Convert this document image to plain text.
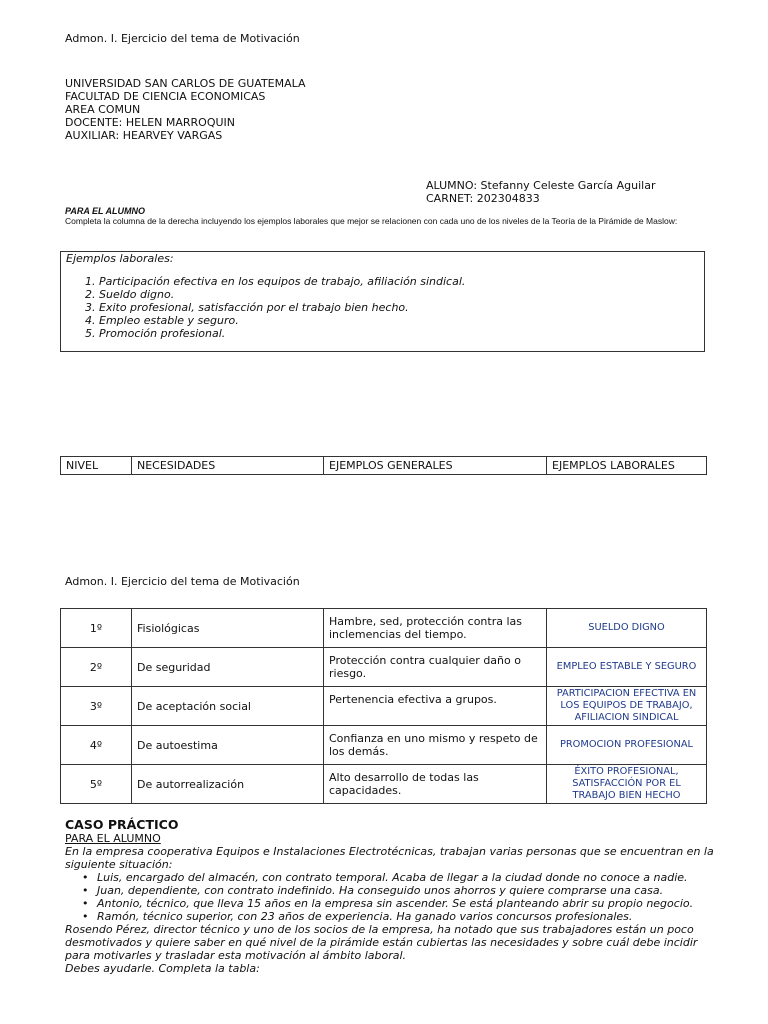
Admon. I. Ejercicio del tema de Motivación
UNIVERSIDAD SAN CARLOS DE GUATEMALA
FACULTAD DE CIENCIA ECONOMICAS
AREA COMUN
DOCENTE: HELEN MARROQUIN
AUXILIAR: HEARVEY VARGAS
ALUMNO: Stefanny Celeste García Aguilar
CARNET: 202304833
PARA EL ALUMNO
Completa la columna de la derecha incluyendo los ejemplos laborales que mejor se relacionen con cada uno de los niveles de la Teoría de la Pirámide de Maslow:
Ejemplos laborales:
1. Participación efectiva en los equipos de trabajo, afiliación sindical.
2. Sueldo digno.
3. Exito profesional, satisfacción por el trabajo bien hecho.
4. Empleo estable y seguro.
5. Promoción profesional.
NIVEL	NECESIDADES	EJEMPLOS GENERALES	EJEMPLOS LABORALES
Admon. I. Ejercicio del tema de Motivación
1º	Fisiológicas	Hambre, sed, protección contra las inclemencias del tiempo.	SUELDO DIGNO
2º	De seguridad	Protección contra cualquier daño o riesgo.	EMPLEO ESTABLE Y SEGURO
3º	De aceptación social	Pertenencia efectiva a grupos.	PARTICIPACION EFECTIVA EN LOS EQUIPOS DE TRABAJO, AFILIACION SINDICAL
4º	De autoestima	Confianza en uno mismo y respeto de los demás.	PROMOCION PROFESIONAL
5º	De autorrealización	Alto desarrollo de todas las capacidades.	ÉXITO PROFESIONAL, SATISFACCIÓN POR EL TRABAJO BIEN HECHO
CASO PRÁCTICO
PARA EL ALUMNO
En la empresa cooperativa Equipos e Instalaciones Electrotécnicas, trabajan varias personas que se encuentran en la siguiente situación:
• Luis, encargado del almacén, con contrato temporal. Acaba de llegar a la ciudad donde no conoce a nadie.
• Juan, dependiente, con contrato indefinido. Ha conseguido unos ahorros y quiere comprarse una casa.
• Antonio, técnico, que lleva 15 años en la empresa sin ascender. Se está planteando abrir su propio negocio.
• Ramón, técnico superior, con 23 años de experiencia. Ha ganado varios concursos profesionales.
Rosendo Pérez, director técnico y uno de los socios de la empresa, ha notado que sus trabajadores están un poco desmotivados y quiere saber en qué nivel de la pirámide están cubiertas las necesidades y sobre cuál debe incidir para motivarles y trasladar esta motivación al ámbito laboral.
Debes ayudarle. Completa la tabla:
